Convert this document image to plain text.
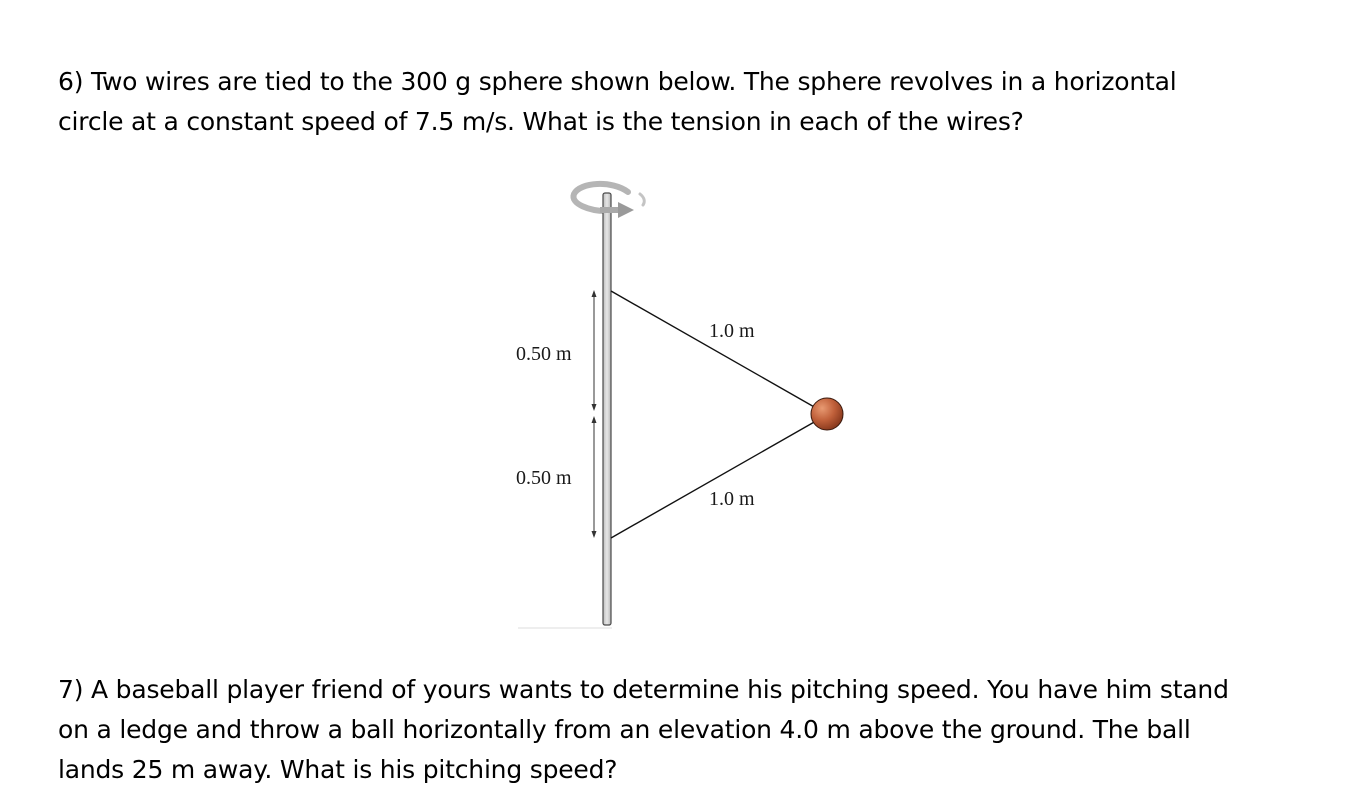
6) Two wires are tied to the 300 g sphere shown below. The sphere revolves in a horizontal
circle at a constant speed of 7.5 m/s. What is the tension in each of the wires?
0.50 m
0.50 m
1.0 m
1.0 m
7) A baseball player friend of yours wants to determine his pitching speed. You have him stand
on a ledge and throw a ball horizontally from an elevation 4.0 m above the ground. The ball
lands 25 m away. What is his pitching speed?
